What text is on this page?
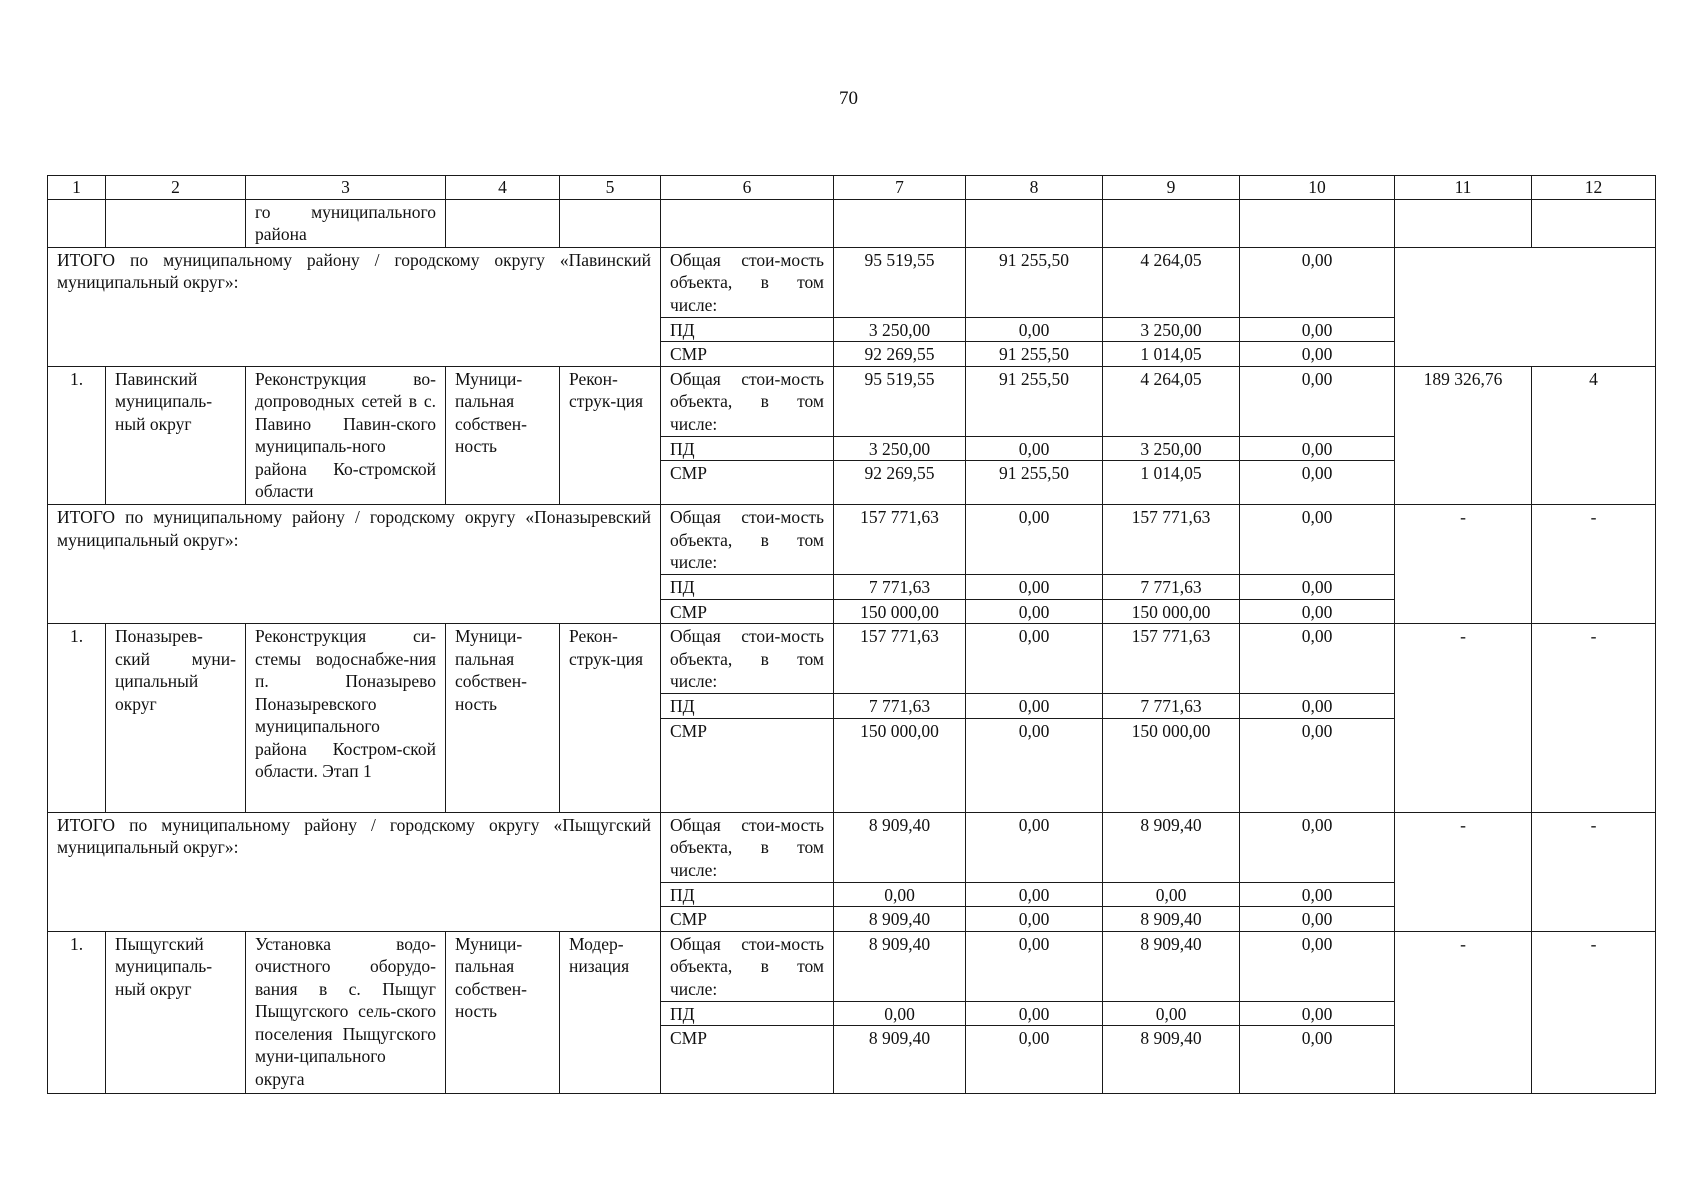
70
1	2	3	4	5	6	7	8	9	10	11	12
		го муниципального района									
ИТОГО по муниципальному району / городскому округу «Павинский муниципальный округ»:					Общая стои-мость объекта, в том числе:	95 519,55	91 255,50	4 264,05	0,00		
					ПД	3 250,00	0,00	3 250,00	0,00		
					СМР	92 269,55	91 255,50	1 014,05	0,00		
1.	Павинский муниципаль-ный округ	Реконструкция во-допроводных сетей в с. Павино Павин-ского муниципаль-ного района Ко-стромской области	Муници-пальная собствен-ность	Рекон-струк-ция	Общая стои-мость объекта, в том числе:	95 519,55	91 255,50	4 264,05	0,00	189 326,76	4
					ПД	3 250,00	0,00	3 250,00	0,00		
					СМР	92 269,55	91 255,50	1 014,05	0,00		
ИТОГО по муниципальному району / городскому округу «Поназыревский муниципальный округ»:					Общая стои-мость объекта, в том числе:	157 771,63	0,00	157 771,63	0,00	-	-
					ПД	7 771,63	0,00	7 771,63	0,00		
					СМР	150 000,00	0,00	150 000,00	0,00		
1.	Поназырев-ский муни-ципальный округ	Реконструкция си-стемы водоснабже-ния п. Поназырево Поназыревского муниципального района Костром-ской области. Этап 1	Муници-пальная собствен-ность	Рекон-струк-ция	Общая стои-мость объекта, в том числе:	157 771,63	0,00	157 771,63	0,00	-	-
					ПД	7 771,63	0,00	7 771,63	0,00		
					СМР	150 000,00	0,00	150 000,00	0,00		
ИТОГО по муниципальному району / городскому округу «Пыщугский муниципальный округ»:					Общая стои-мость объекта, в том числе:	8 909,40	0,00	8 909,40	0,00	-	-
					ПД	0,00	0,00	0,00	0,00		
					СМР	8 909,40	0,00	8 909,40	0,00		
1.	Пыщугский муниципаль-ный округ	Установка водо-очистного оборудо-вания в с. Пыщуг Пыщугского сель-ского поселения Пыщугского муни-ципального округа	Муници-пальная собствен-ность	Модер-низация	Общая стои-мость объекта, в том числе:	8 909,40	0,00	8 909,40	0,00	-	-
					ПД	0,00	0,00	0,00	0,00		
					СМР	8 909,40	0,00	8 909,40	0,00		
